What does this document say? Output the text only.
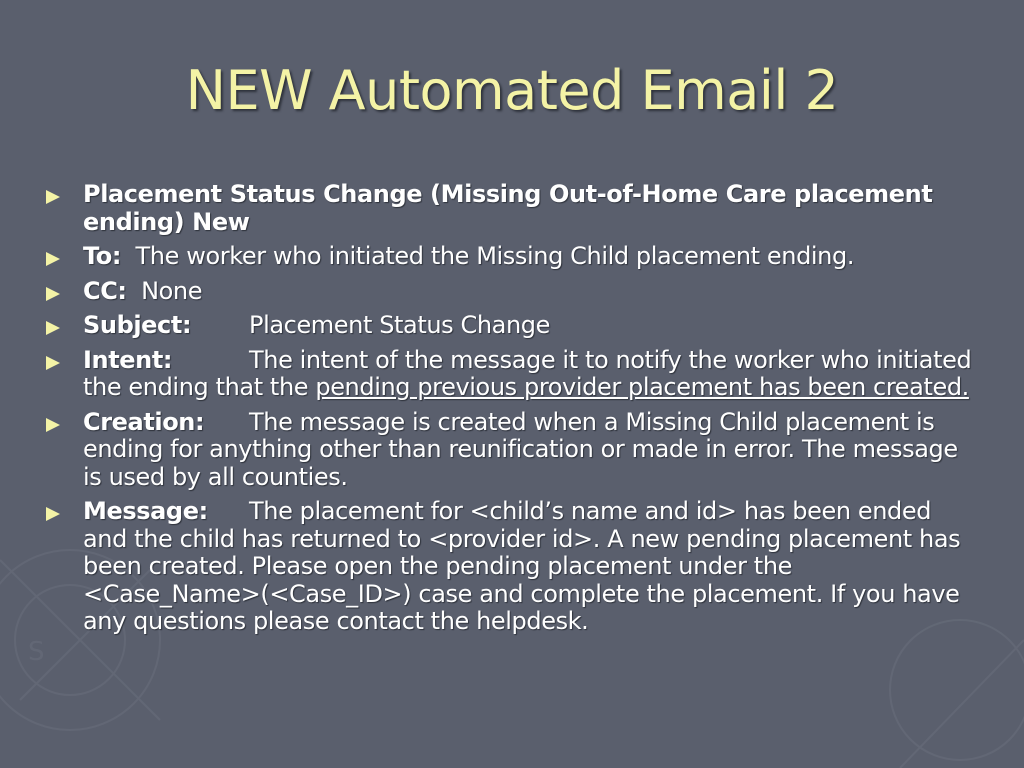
S
NEW Automated Email 2
Placement Status Change (Missing Out-of-Home Care placement ending) New
To: The worker who initiated the Missing Child placement ending.
CC: None
Subject: Placement Status Change
Intent:	The intent of the message it to notify the worker who initiated the ending that the pending previous provider placement has been created.
Creation: The message is created when a Missing Child placement is ending for anything other than reunification or made in error. The message is used by all counties.
Message: The placement for <child’s name and id> has been ended and the child has returned to <provider id>. A new pending placement has been created. Please open the pending placement under the <Case_Name>(<Case_ID>) case and complete the placement. If you have any questions please contact the helpdesk.
